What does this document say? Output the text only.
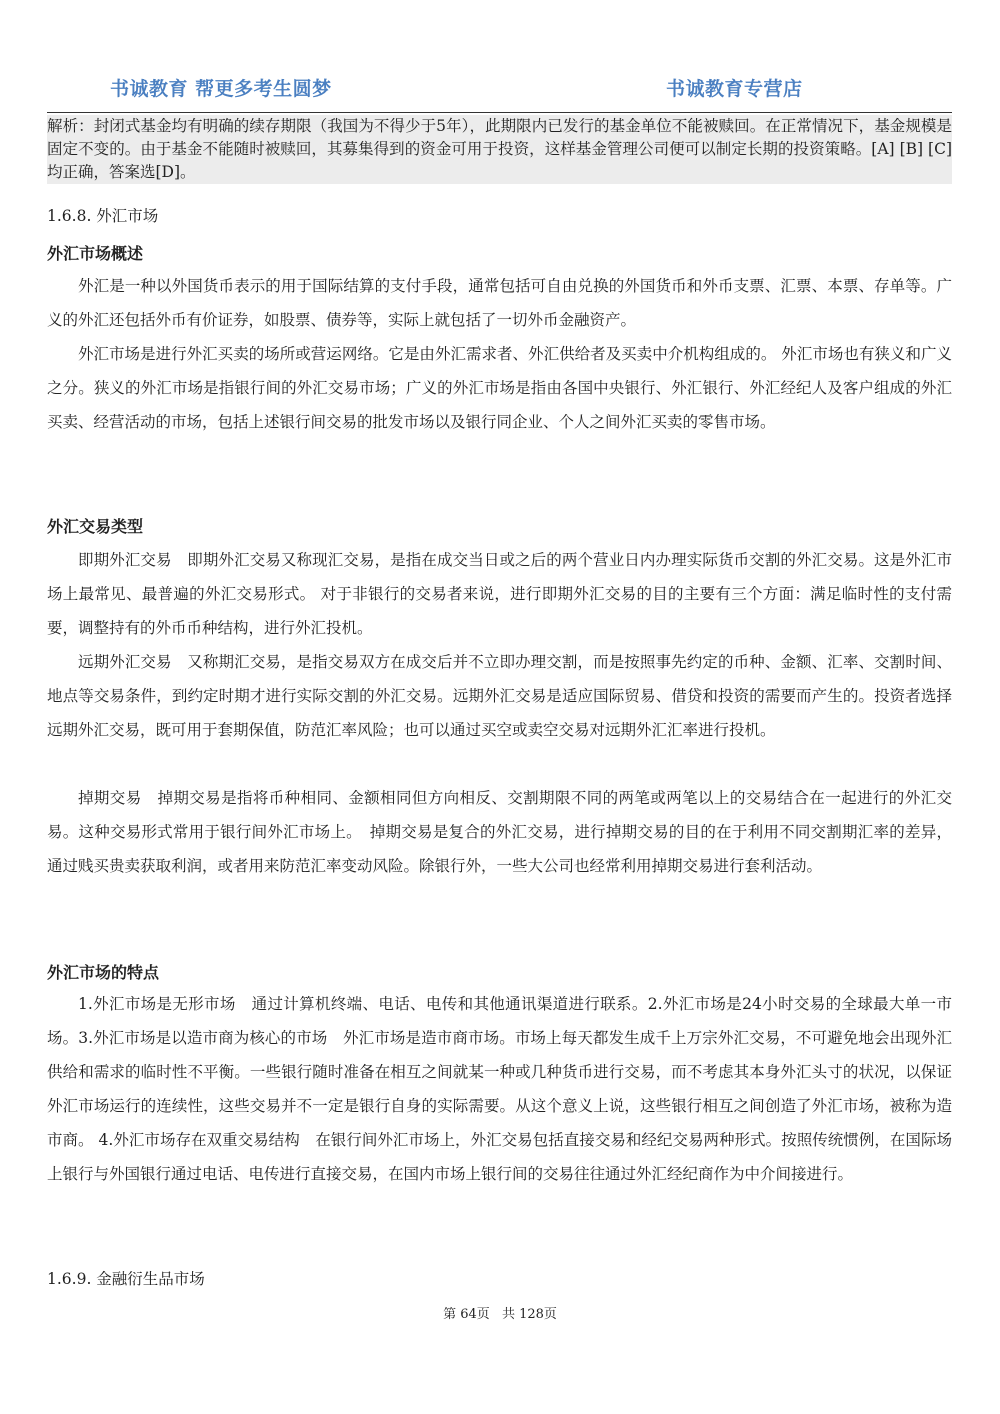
书诚教育 帮更多考生圆梦	书诚教育专营店

解析：封闭式基金均有明确的续存期限（我国为不得少于5年），此期限内已发行的基金单位不能被赎回。在正常情况下，基金规模是固定不变的。由于基金不能随时被赎回，其募集得到的资金可用于投资，这样基金管理公司便可以制定长期的投资策略。[A] [B] [C]均正确，答案选[D]。

1.6.8. 外汇市场

外汇市场概述

外汇是一种以外国货币表示的用于国际结算的支付手段，通常包括可自由兑换的外国货币和外币支票、汇票、本票、存单等。广义的外汇还包括外币有价证券，如股票、债券等，实际上就包括了一切外币金融资产。

外汇市场是进行外汇买卖的场所或营运网络。它是由外汇需求者、外汇供给者及买卖中介机构组成的。 外汇市场也有狭义和广义之分。狭义的外汇市场是指银行间的外汇交易市场；广义的外汇市场是指由各国中央银行、外汇银行、外汇经纪人及客户组成的外汇买卖、经营活动的市场，包括上述银行间交易的批发市场以及银行同企业、个人之间外汇买卖的零售市场。

外汇交易类型

即期外汇交易　即期外汇交易又称现汇交易，是指在成交当日或之后的两个营业日内办理实际货币交割的外汇交易。这是外汇市场上最常见、最普遍的外汇交易形式。 对于非银行的交易者来说，进行即期外汇交易的目的主要有三个方面：满足临时性的支付需要，调整持有的外币币种结构，进行外汇投机。

远期外汇交易　又称期汇交易，是指交易双方在成交后并不立即办理交割，而是按照事先约定的币种、金额、汇率、交割时间、地点等交易条件，到约定时期才进行实际交割的外汇交易。远期外汇交易是适应国际贸易、借贷和投资的需要而产生的。投资者选择远期外汇交易，既可用于套期保值，防范汇率风险；也可以通过买空或卖空交易对远期外汇汇率进行投机。

掉期交易　掉期交易是指将币种相同、金额相同但方向相反、交割期限不同的两笔或两笔以上的交易结合在一起进行的外汇交易。这种交易形式常用于银行间外汇市场上。　掉期交易是复合的外汇交易，进行掉期交易的目的在于利用不同交割期汇率的差异，通过贱买贵卖获取利润，或者用来防范汇率变动风险。除银行外，一些大公司也经常利用掉期交易进行套利活动。

外汇市场的特点

1.外汇市场是无形市场　通过计算机终端、电话、电传和其他通讯渠道进行联系。2.外汇市场是24小时交易的全球最大单一市场。3.外汇市场是以造市商为核心的市场　外汇市场是造市商市场。市场上每天都发生成千上万宗外汇交易，不可避免地会出现外汇供给和需求的临时性不平衡。一些银行随时准备在相互之间就某一种或几种货币进行交易，而不考虑其本身外汇头寸的状况，以保证外汇市场运行的连续性，这些交易并不一定是银行自身的实际需要。从这个意义上说，这些银行相互之间创造了外汇市场，被称为造市商。 4.外汇市场存在双重交易结构　在银行间外汇市场上，外汇交易包括直接交易和经纪交易两种形式。按照传统惯例，在国际场上银行与外国银行通过电话、电传进行直接交易，在国内市场上银行间的交易往往通过外汇经纪商作为中介间接进行。

1.6.9. 金融衍生品市场

第 64页 共 128页
